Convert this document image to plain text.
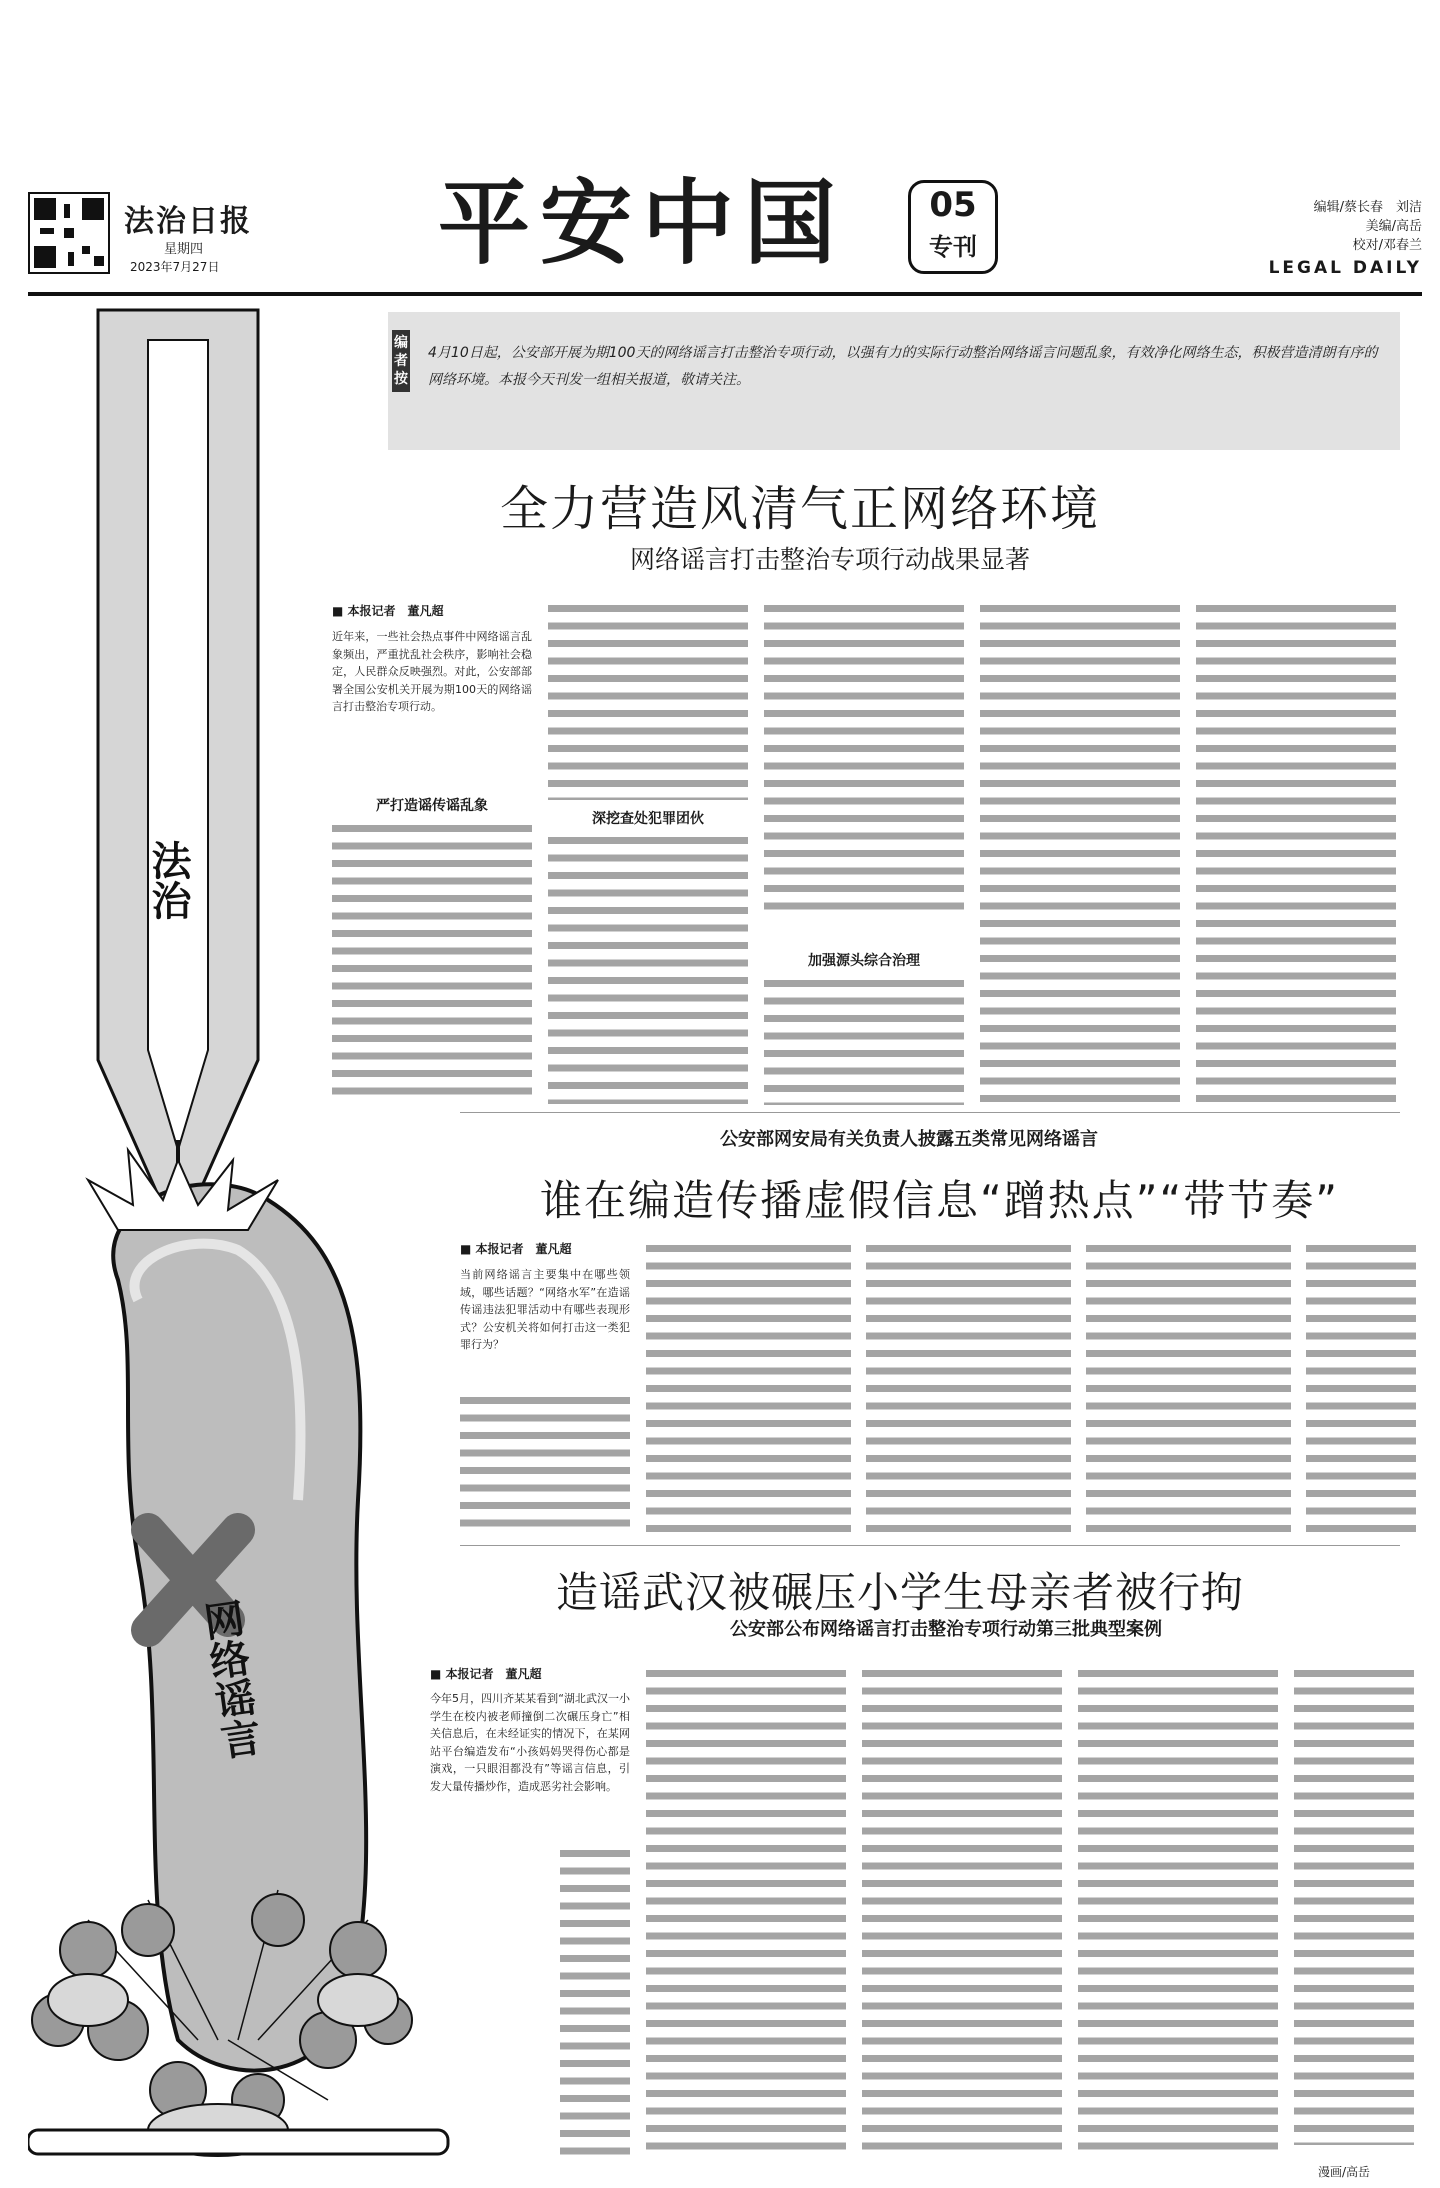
法治日报
星期四
2023年7月27日 平安中国	05
专刊
编辑/蔡长春　刘洁
美编/高岳
校对/邓春兰
LEGAL DAILY
编者按
4月10日起，公安部开展为期100天的网络谣言打击整治专项行动，以强有力的实际行动整治网络谣言问题乱象，有效净化网络生态，积极营造清朗有序的网络环境。本报今天刊发一组相关报道，敬请关注。
法治
网络谣言
全力营造风清气正网络环境
网络谣言打击整治专项行动战果显著
■ 本报记者　董凡超
近年来，一些社会热点事件中网络谣言乱象频出，严重扰乱社会秩序，影响社会稳定，人民群众反映强烈。对此，公安部部署全国公安机关开展为期100天的网络谣言打击整治专项行动。
严打造谣传谣乱象
深挖查处犯罪团伙
加强源头综合治理
公安部网安局有关负责人披露五类常见网络谣言
谁在编造传播虚假信息“蹭热点”“带节奏”
■ 本报记者　董凡超
当前网络谣言主要集中在哪些领域，哪些话题？“网络水军”在造谣传谣违法犯罪活动中有哪些表现形式？公安机关将如何打击这一类犯罪行为？
造谣武汉被碾压小学生母亲者被行拘
公安部公布网络谣言打击整治专项行动第三批典型案例
■ 本报记者　董凡超
今年5月，四川齐某某看到“湖北武汉一小学生在校内被老师撞倒二次碾压身亡”相关信息后，在未经证实的情况下，在某网站平台编造发布“小孩妈妈哭得伤心都是演戏，一只眼泪都没有”等谣言信息，引发大量传播炒作，造成恶劣社会影响。
漫画/高岳
